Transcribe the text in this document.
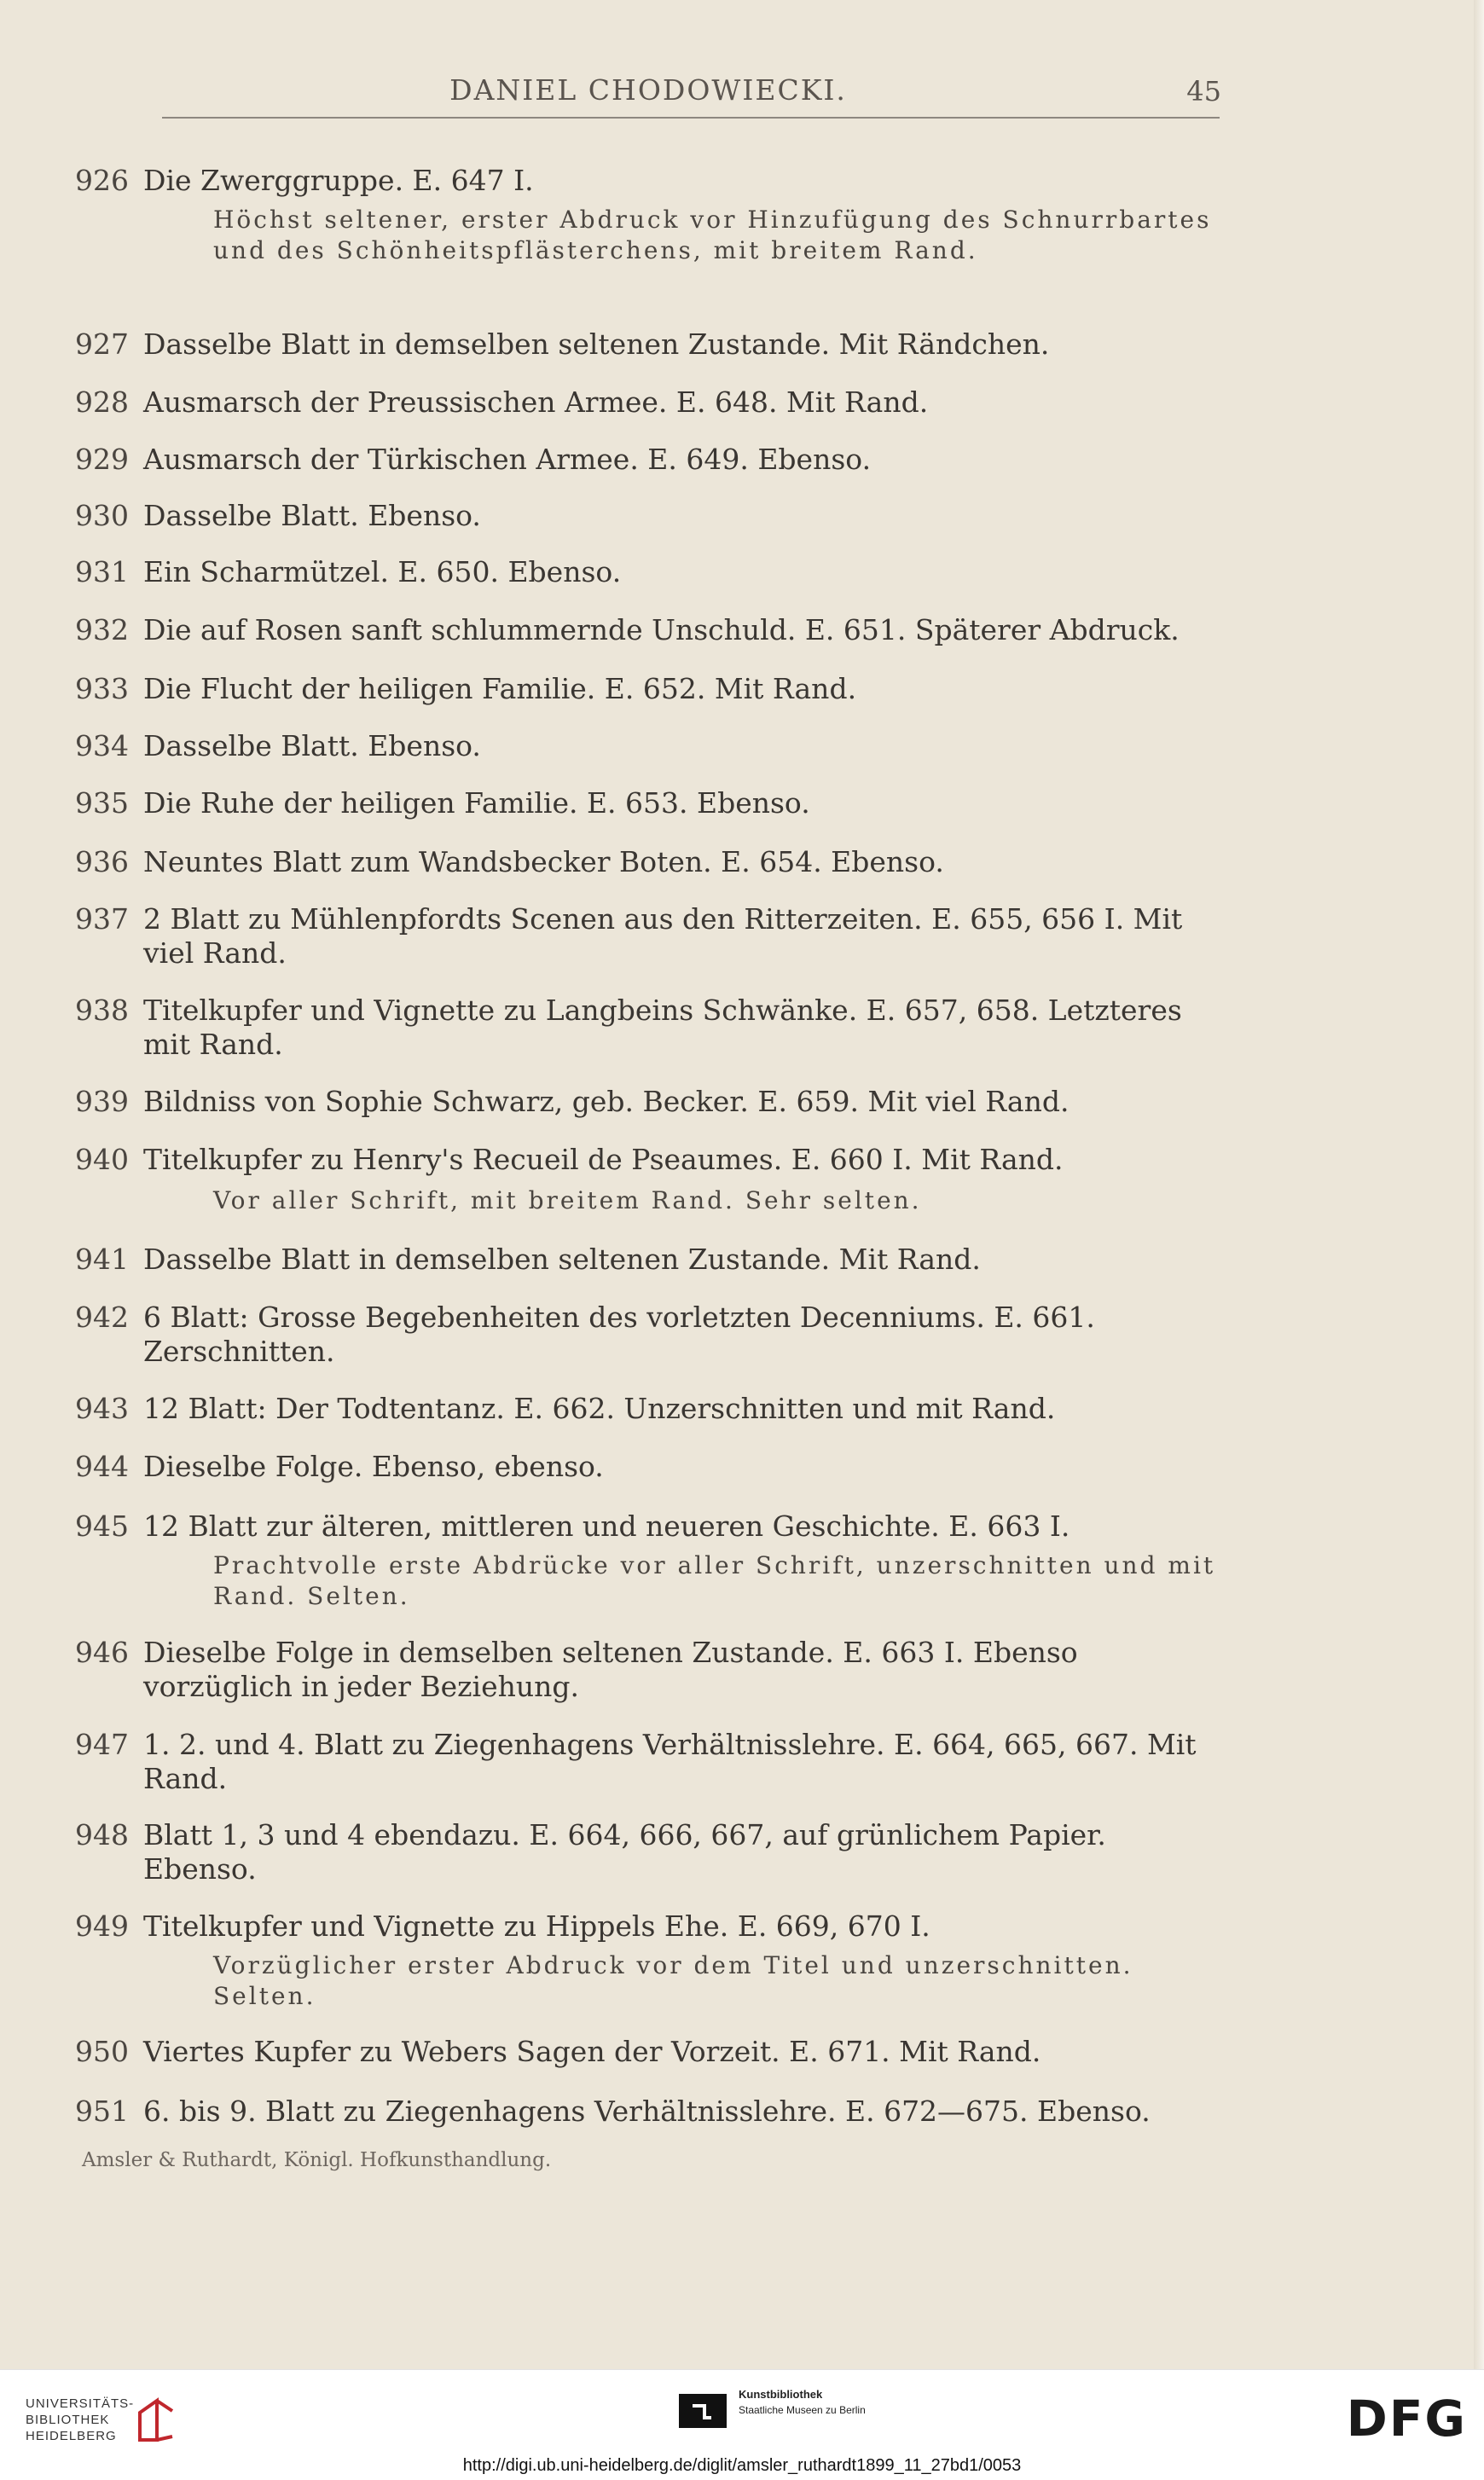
DANIEL CHODOWIECKI.	45
926 Die Zwerggruppe. E. 647 I.
Höchst seltener, erster Abdruck vor Hinzufügung des Schnurrbartes und des Schönheitspflästerchens, mit breitem Rand.
927 Dasselbe Blatt in demselben seltenen Zustande. Mit Rändchen.
928 Ausmarsch der Preussischen Armee. E. 648. Mit Rand.
929 Ausmarsch der Türkischen Armee. E. 649. Ebenso.
930 Dasselbe Blatt. Ebenso.
931 Ein Scharmützel. E. 650. Ebenso.
932 Die auf Rosen sanft schlummernde Unschuld. E. 651. Späterer Abdruck.
933 Die Flucht der heiligen Familie. E. 652. Mit Rand.
934 Dasselbe Blatt. Ebenso.
935 Die Ruhe der heiligen Familie. E. 653. Ebenso.
936 Neuntes Blatt zum Wandsbecker Boten. E. 654. Ebenso.
937 2 Blatt zu Mühlenpfordts Scenen aus den Ritterzeiten. E. 655, 656 I. Mit viel Rand.
938 Titelkupfer und Vignette zu Langbeins Schwänke. E. 657, 658. Letzteres mit Rand.
939 Bildniss von Sophie Schwarz, geb. Becker. E. 659. Mit viel Rand.
940 Titelkupfer zu Henry's Recueil de Pseaumes. E. 660 I. Mit Rand.
Vor aller Schrift, mit breitem Rand. Sehr selten.
941 Dasselbe Blatt in demselben seltenen Zustande. Mit Rand.
942 6 Blatt: Grosse Begebenheiten des vorletzten Decenniums. E. 661. Zerschnitten.
943 12 Blatt: Der Todtentanz. E. 662. Unzerschnitten und mit Rand.
944 Dieselbe Folge. Ebenso, ebenso.
945 12 Blatt zur älteren, mittleren und neueren Geschichte. E. 663 I.
Prachtvolle erste Abdrücke vor aller Schrift, unzerschnitten und mit Rand. Selten.
946 Dieselbe Folge in demselben seltenen Zustande. E. 663 I. Ebenso vorzüglich in jeder Beziehung.
947 1. 2. und 4. Blatt zu Ziegenhagens Verhältnisslehre. E. 664, 665, 667. Mit Rand.
948 Blatt 1, 3 und 4 ebendazu. E. 664, 666, 667, auf grünlichem Papier. Ebenso.
949 Titelkupfer und Vignette zu Hippels Ehe. E. 669, 670 I.
Vorzüglicher erster Abdruck vor dem Titel und unzerschnitten. Selten.
950 Viertes Kupfer zu Webers Sagen der Vorzeit. E. 671. Mit Rand.
951 6. bis 9. Blatt zu Ziegenhagens Verhältnisslehre. E. 672—675. Ebenso.
Amsler & Ruthardt, Königl. Hofkunsthandlung.
UNIVERSITÄTS-
BIBLIOTHEK
HEIDELBERG
Kunstbibliothek
Staatliche Museen zu Berlin	DFG
http://digi.ub.uni-heidelberg.de/diglit/amsler_ruthardt1899_11_27bd1/0053
